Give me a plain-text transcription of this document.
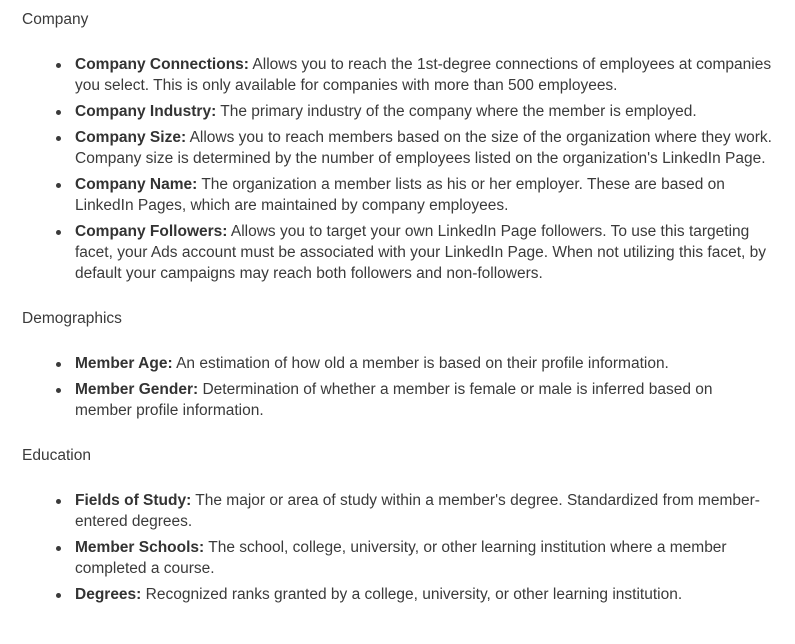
Company
Company Connections: Allows you to reach the 1st-degree connections of employees at companies you select. This is only available for companies with more than 500 employees.
Company Industry: The primary industry of the company where the member is employed.
Company Size: Allows you to reach members based on the size of the organization where they work. Company size is determined by the number of employees listed on the organization's LinkedIn Page.
Company Name: The organization a member lists as his or her employer. These are based on LinkedIn Pages, which are maintained by company employees.
Company Followers: Allows you to target your own LinkedIn Page followers. To use this targeting facet, your Ads account must be associated with your LinkedIn Page. When not utilizing this facet, by default your campaigns may reach both followers and non-followers.
Demographics
Member Age: An estimation of how old a member is based on their profile information.
Member Gender: Determination of whether a member is female or male is inferred based on member profile information.
Education
Fields of Study: The major or area of study within a member's degree. Standardized from member-entered degrees.
Member Schools: The school, college, university, or other learning institution where a member completed a course.
Degrees: Recognized ranks granted by a college, university, or other learning institution.
